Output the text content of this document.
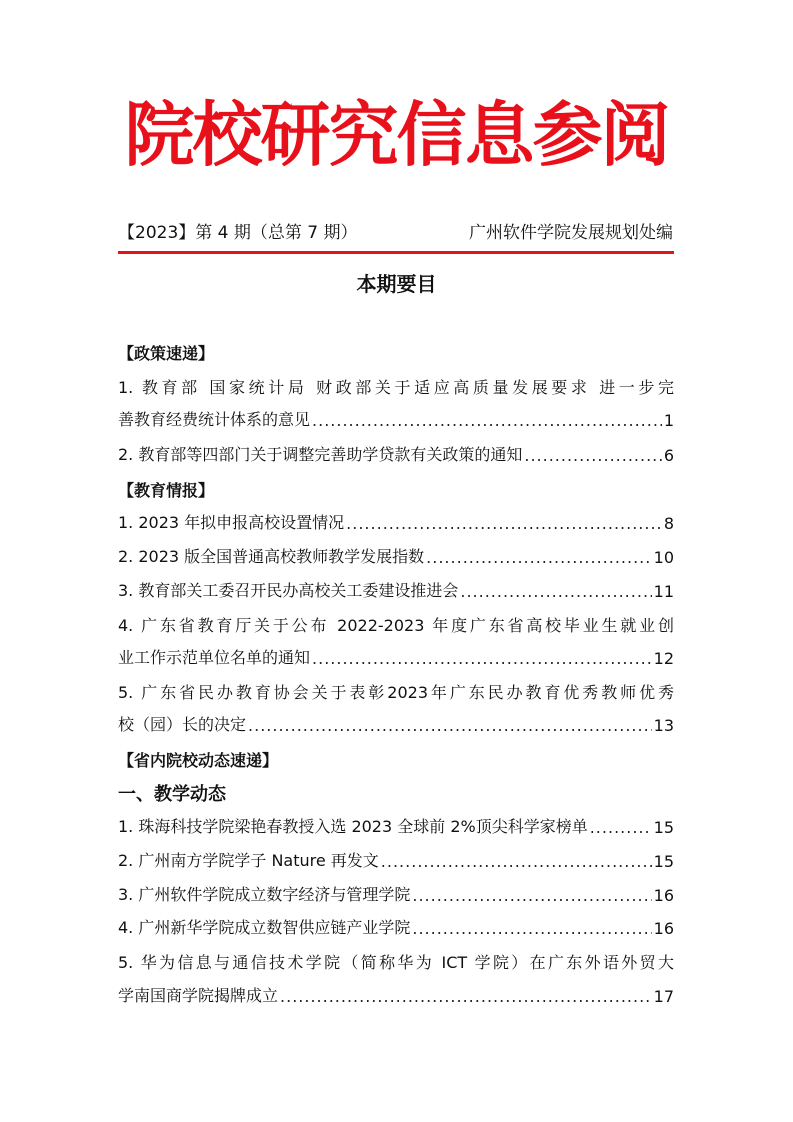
院校研究信息参阅
【2023】第 4 期（总第 7 期）	广州软件学院发展规划处编
本期要目
【政策速递】
1. 教育部 国家统计局 财政部关于适应高质量发展要求 进一步完
善教育经费统计体系的意见 .....	1
2. 教育部等四部门关于调整完善助学贷款有关政策的通知 .....	6
【教育情报】
1. 2023 年拟申报高校设置情况 .....	8
2. 2023 版全国普通高校教师教学发展指数 .....	10
3. 教育部关工委召开民办高校关工委建设推进会 .....	11
4. 广东省教育厅关于公布 2022-2023 年度广东省高校毕业生就业创
业工作示范单位名单的通知 .....	12
5. 广东省民办教育协会关于表彰2023年广东民办教育优秀教师优秀
校（园）长的决定 .....	13
【省内院校动态速递】
一、教学动态
1. 珠海科技学院梁艳春教授入选 2023 全球前 2%顶尖科学家榜单 .....	15
2. 广州南方学院学子 Nature 再发文 .....	15
3. 广州软件学院成立数字经济与管理学院 .....	16
4. 广州新华学院成立数智供应链产业学院 .....	16
5. 华为信息与通信技术学院（简称华为 ICT 学院）在广东外语外贸大
学南国商学院揭牌成立 .....	17
